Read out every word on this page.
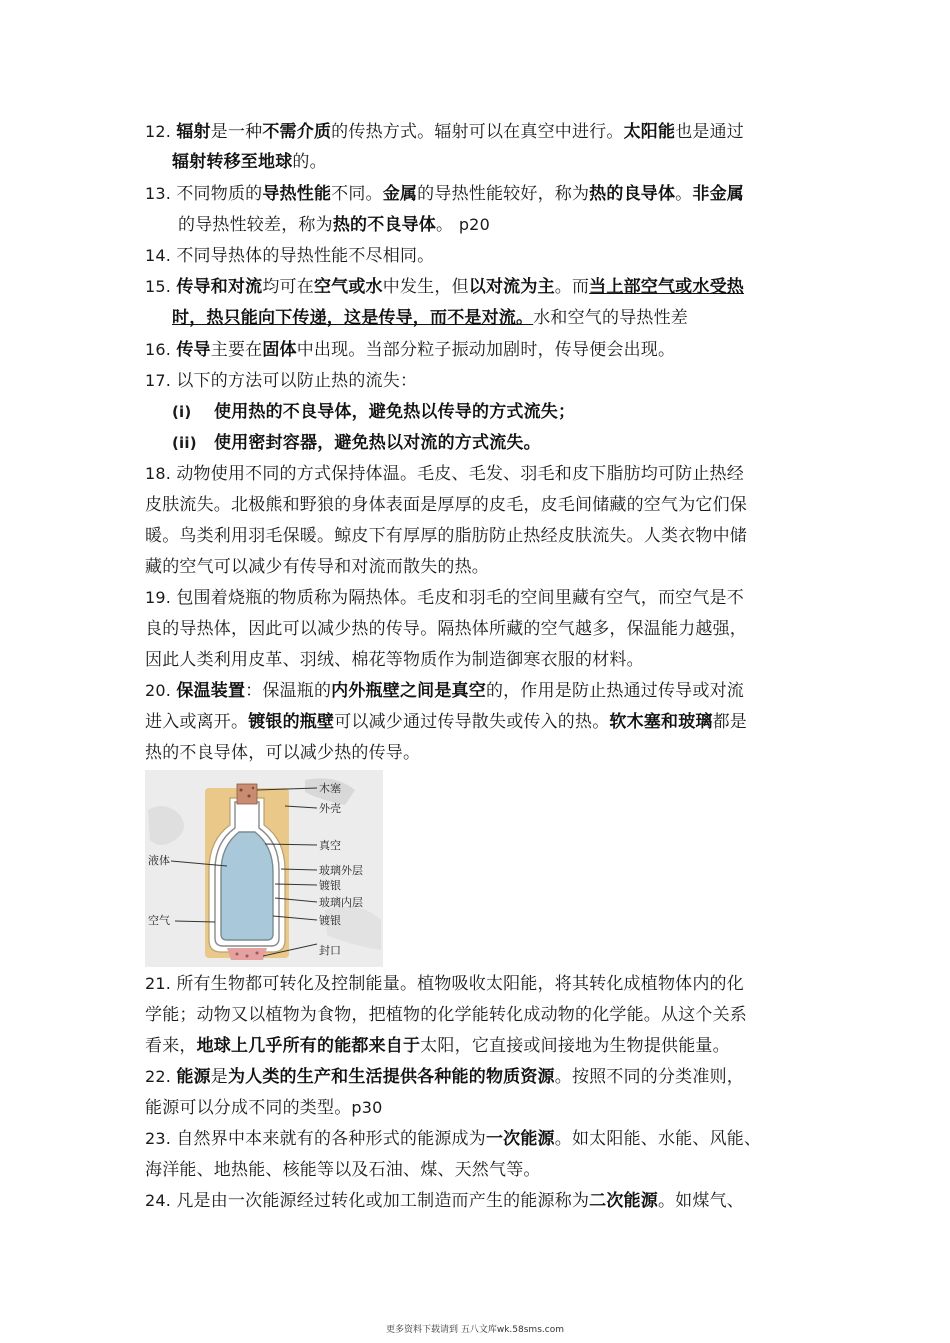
12. 辐射是一种不需介质的传热方式。辐射可以在真空中进行。太阳能也是通过
辐射转移至地球的。
13. 不同物质的导热性能不同。金属的导热性能较好，称为热的良导体。非金属
的导热性较差，称为热的不良导体。 p20
14. 不同导热体的导热性能不尽相同。
15. 传导和对流均可在空气或水中发生，但以对流为主。而当上部空气或水受热
时，热只能向下传递，这是传导，而不是对流。水和空气的导热性差
16. 传导主要在固体中出现。当部分粒子振动加剧时，传导便会出现。
17. 以下的方法可以防止热的流失：
(i) 使用热的不良导体，避免热以传导的方式流失；
(ii) 使用密封容器，避免热以对流的方式流失。
18. 动物使用不同的方式保持体温。毛皮、毛发、羽毛和皮下脂肪均可防止热经
皮肤流失。北极熊和野狼的身体表面是厚厚的皮毛，皮毛间储藏的空气为它们保
暖。鸟类利用羽毛保暖。鲸皮下有厚厚的脂肪防止热经皮肤流失。人类衣物中储
藏的空气可以减少有传导和对流而散失的热。
19. 包围着烧瓶的物质称为隔热体。毛皮和羽毛的空间里藏有空气，而空气是不
良的导热体，因此可以减少热的传导。隔热体所藏的空气越多，保温能力越强，
因此人类利用皮革、羽绒、棉花等物质作为制造御寒衣服的材料。
20. 保温装置：保温瓶的内外瓶壁之间是真空的，作用是防止热通过传导或对流
进入或离开。镀银的瓶壁可以减少通过传导散失或传入的热。软木塞和玻璃都是
热的不良导体，可以减少热的传导。
木塞
外壳
真空
液体
玻璃外层
镀银
玻璃内层
镀银
空气
封口
21. 所有生物都可转化及控制能量。植物吸收太阳能，将其转化成植物体内的化
学能；动物又以植物为食物，把植物的化学能转化成动物的化学能。从这个关系
看来，地球上几乎所有的能都来自于太阳，它直接或间接地为生物提供能量。
22. 能源是为人类的生产和生活提供各种能的物质资源。按照不同的分类准则，
能源可以分成不同的类型。p30
23. 自然界中本来就有的各种形式的能源成为一次能源。如太阳能、水能、风能、
海洋能、地热能、核能等以及石油、煤、天然气等。
24. 凡是由一次能源经过转化或加工制造而产生的能源称为二次能源。如煤气、
更多资料下载请到 五八文库wk.58sms.com
